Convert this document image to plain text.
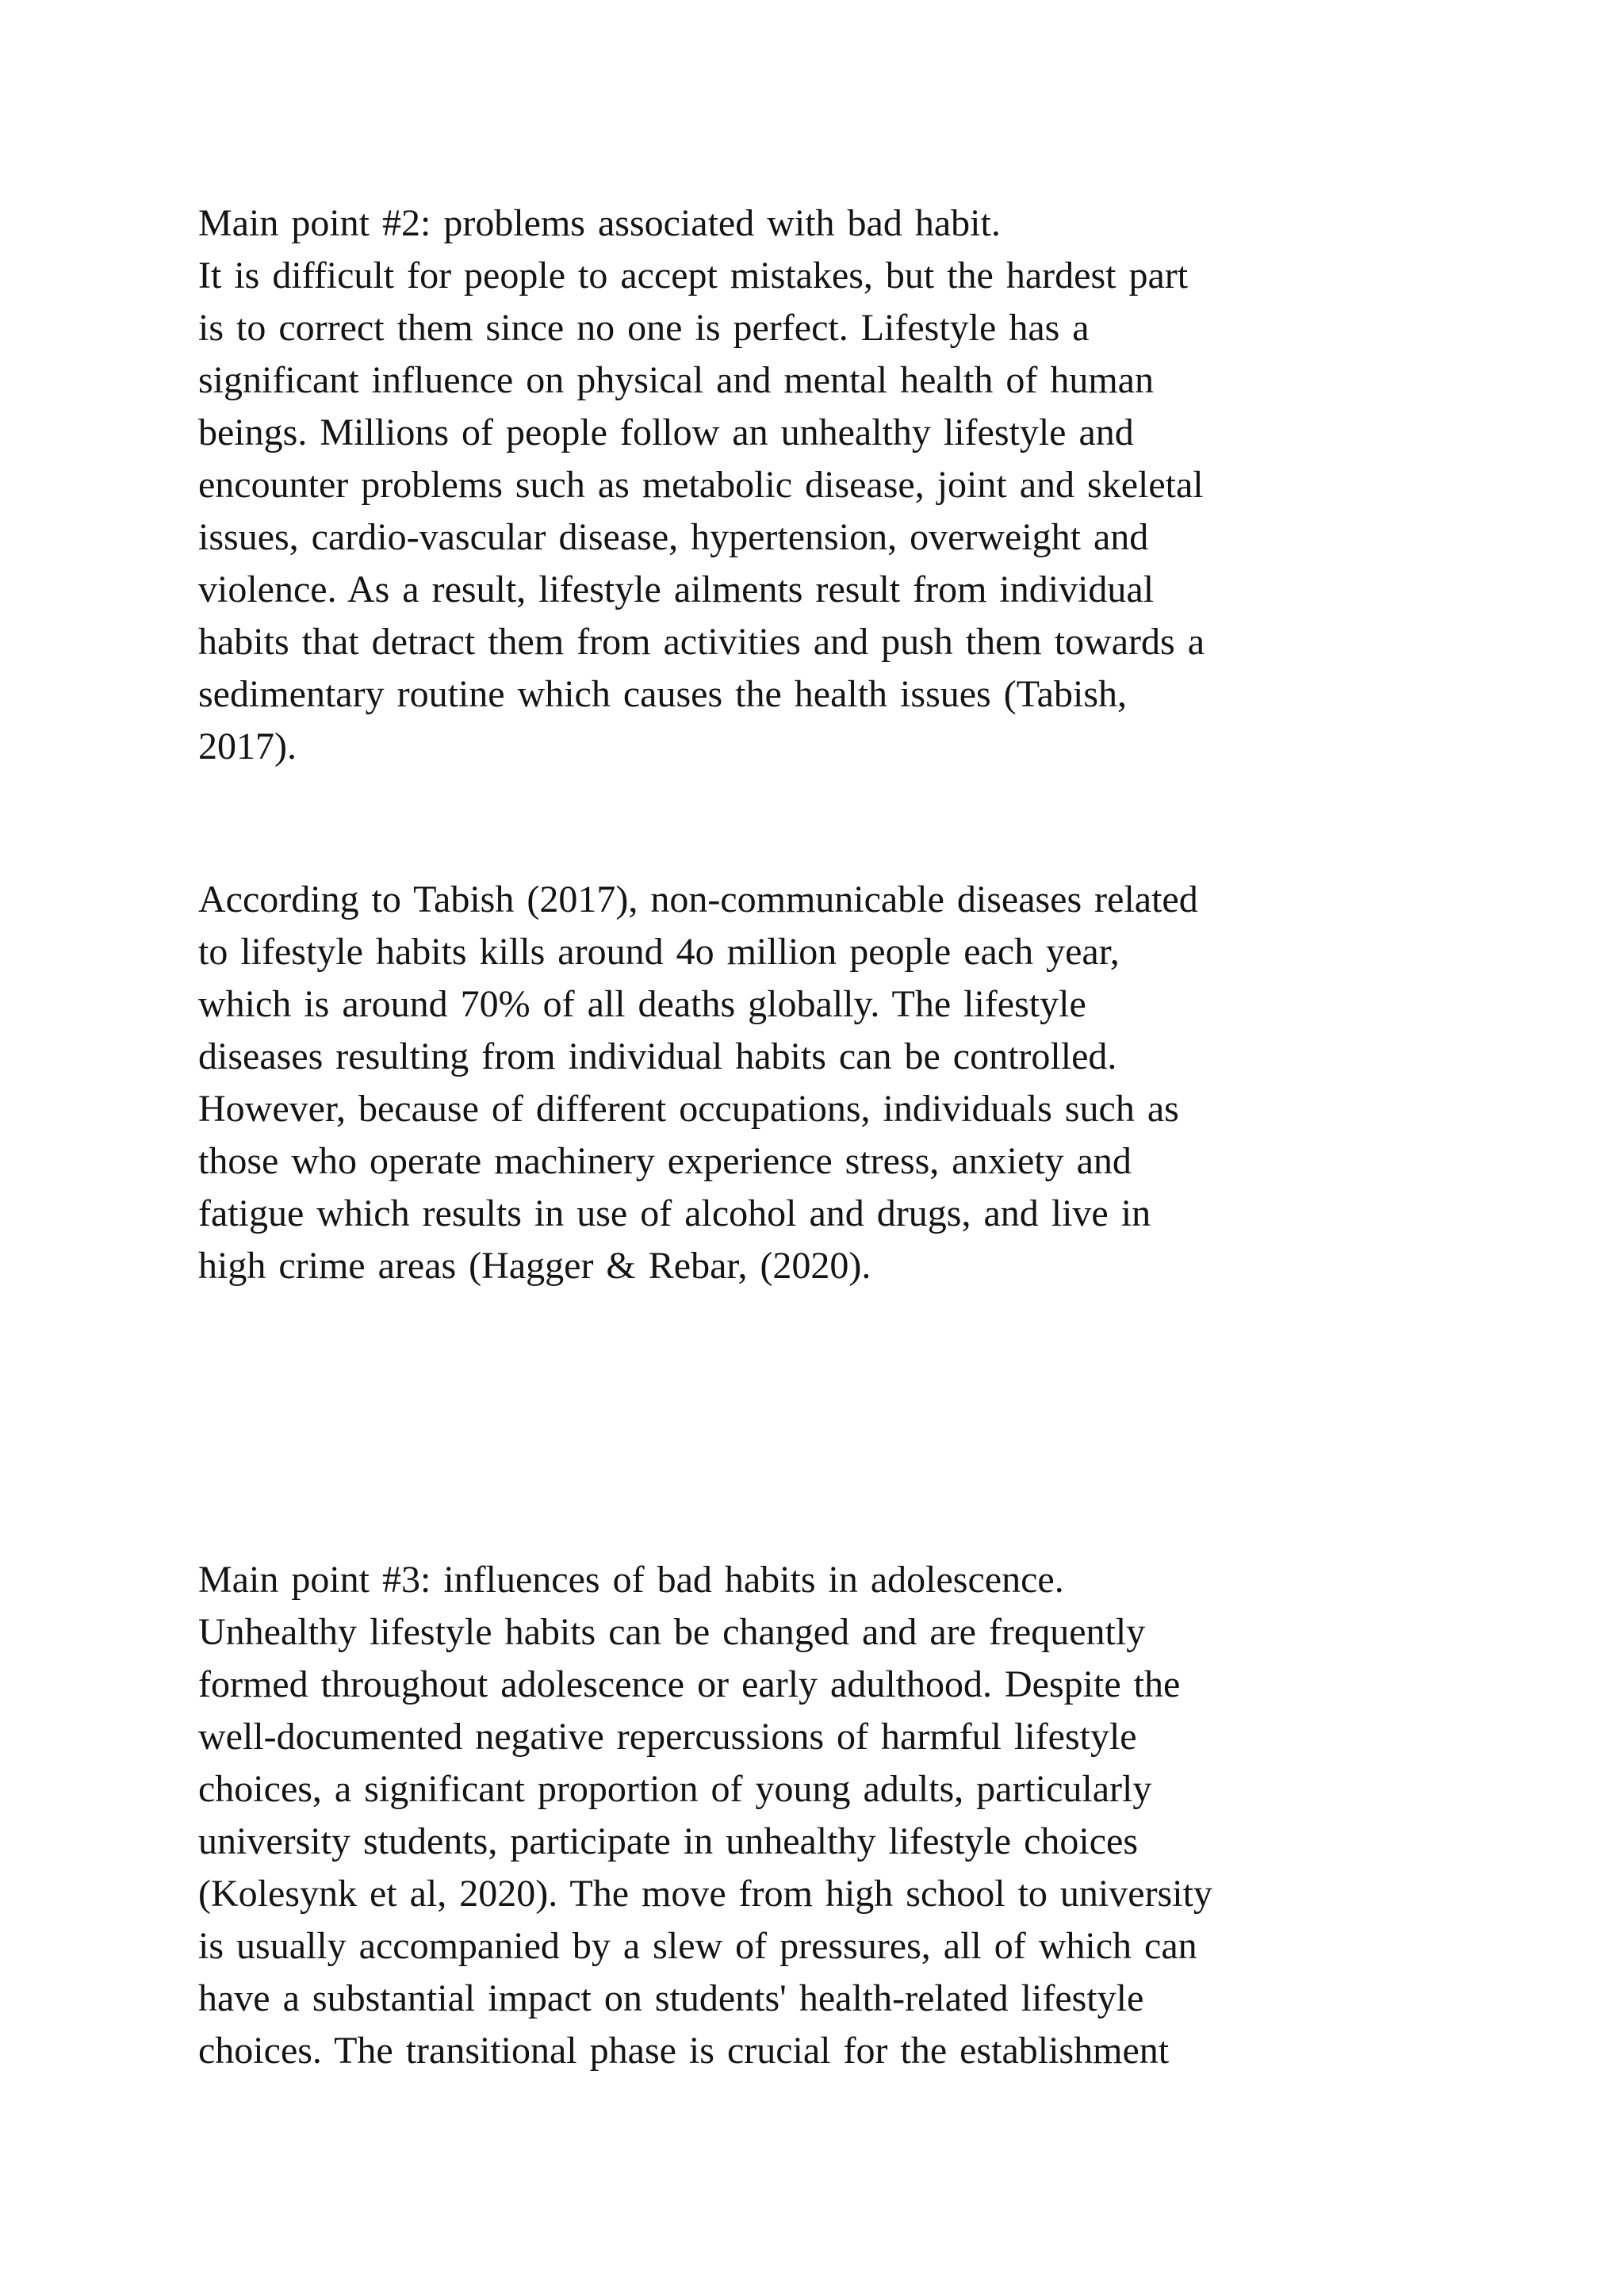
Main point #2: problems associated with bad habit.
It is difficult for people to accept mistakes, but the hardest part
is to correct them since no one is perfect. Lifestyle has a
significant influence on physical and mental health of human
beings. Millions of people follow an unhealthy lifestyle and
encounter problems such as metabolic disease, joint and skeletal
issues, cardio-vascular disease, hypertension, overweight and
violence. As a result, lifestyle ailments result from individual
habits that detract them from activities and push them towards a
sedimentary routine which causes the health issues (Tabish,
2017).
According to Tabish (2017), non-communicable diseases related
to lifestyle habits kills around 4o million people each year,
which is around 70% of all deaths globally. The lifestyle
diseases resulting from individual habits can be controlled.
However, because of different occupations, individuals such as
those who operate machinery experience stress, anxiety and
fatigue which results in use of alcohol and drugs, and live in
high crime areas (Hagger & Rebar, (2020).
Main point #3: influences of bad habits in adolescence.
Unhealthy lifestyle habits can be changed and are frequently
formed throughout adolescence or early adulthood. Despite the
well-documented negative repercussions of harmful lifestyle
choices, a significant proportion of young adults, particularly
university students, participate in unhealthy lifestyle choices
(Kolesynk et al, 2020). The move from high school to university
is usually accompanied by a slew of pressures, all of which can
have a substantial impact on students' health-related lifestyle
choices. The transitional phase is crucial for the establishment
